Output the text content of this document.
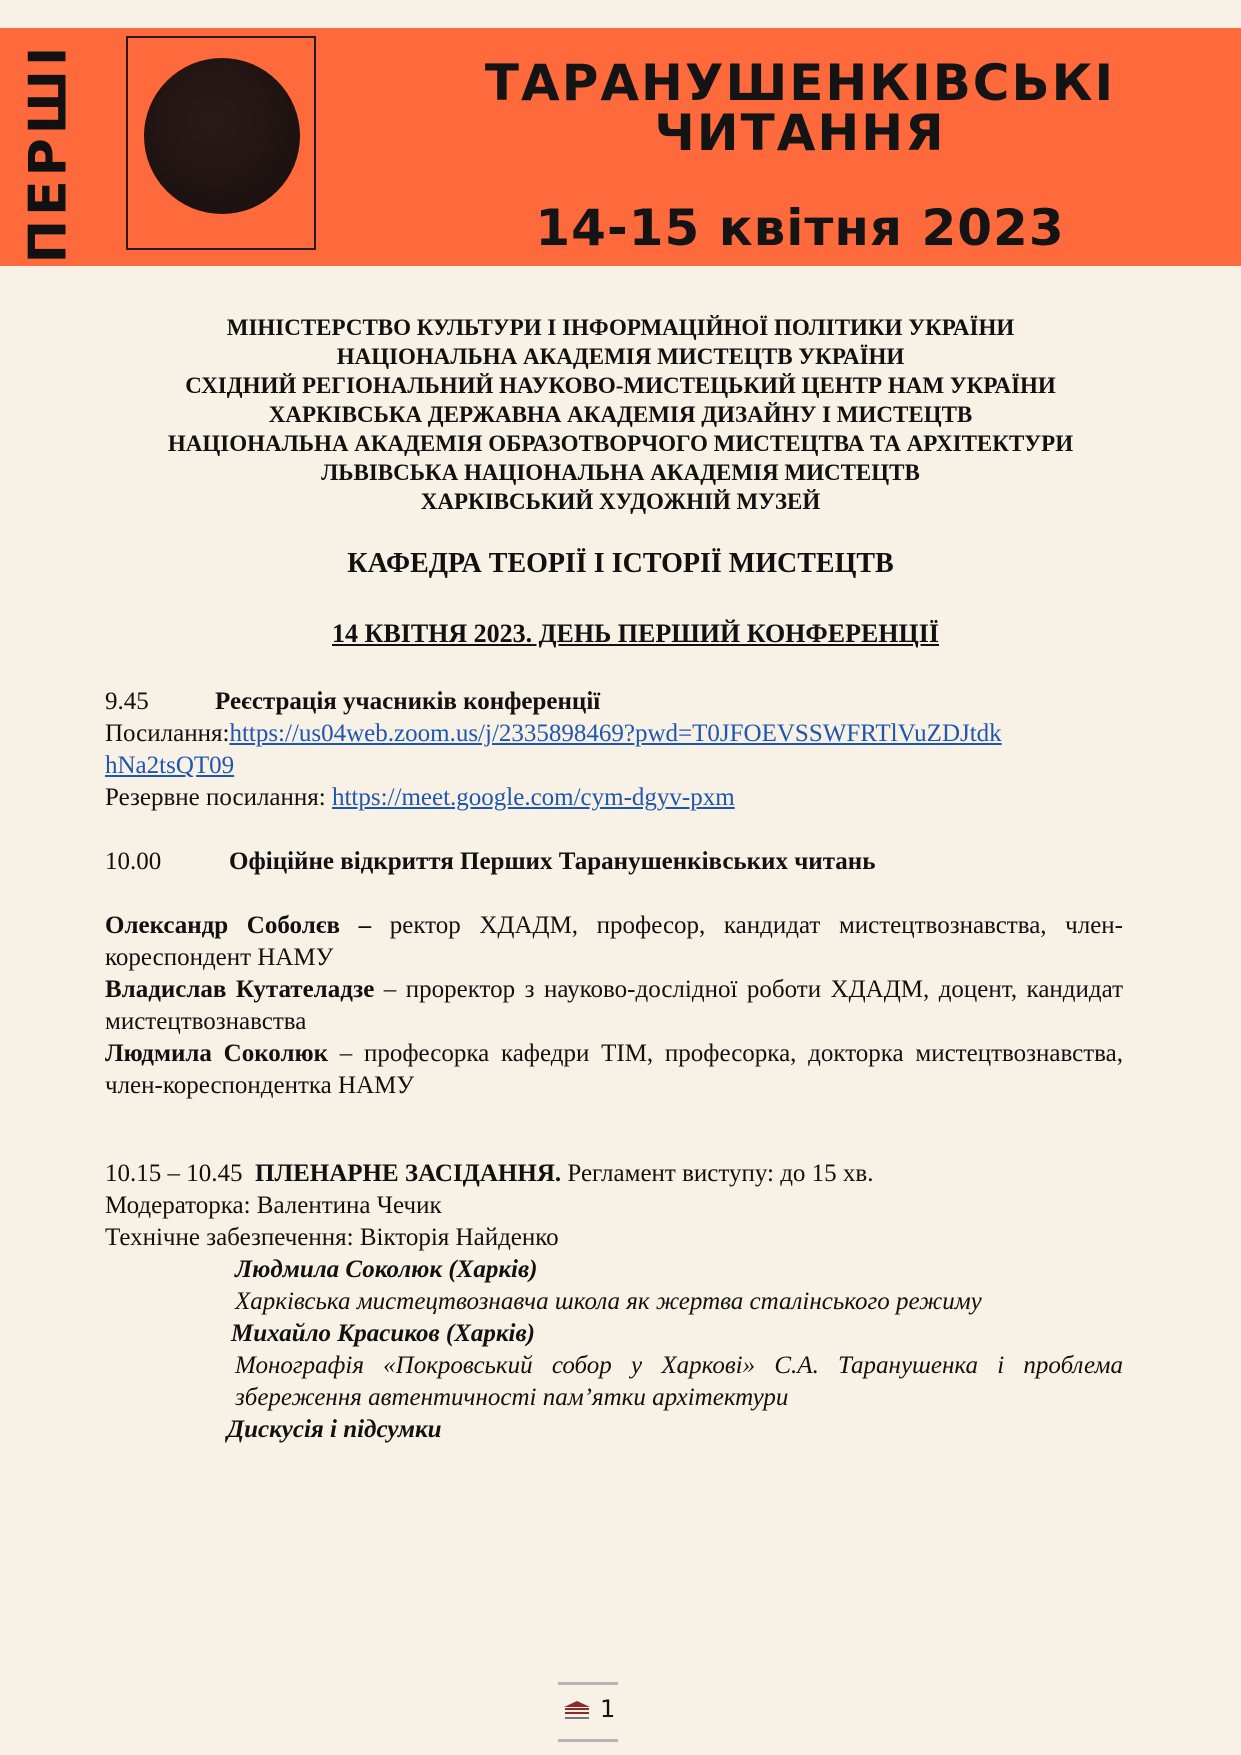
ПЕРШІ	ТАРАНУШЕНКІВСЬКІ
ЧИТАННЯ
14-15 квітня 2023
МІНІСТЕРСТВО КУЛЬТУРИ І ІНФОРМАЦІЙНОЇ ПОЛІТИКИ УКРАЇНИ
НАЦІОНАЛЬНА АКАДЕМІЯ МИСТЕЦТВ УКРАЇНИ
СХІДНИЙ РЕГІОНАЛЬНИЙ НАУКОВО-МИСТЕЦЬКИЙ ЦЕНТР НАМ УКРАЇНИ
ХАРКІВСЬКА ДЕРЖАВНА АКАДЕМІЯ ДИЗАЙНУ І МИСТЕЦТВ
НАЦІОНАЛЬНА АКАДЕМІЯ ОБРАЗОТВОРЧОГО МИСТЕЦТВА ТА АРХІТЕКТУРИ
ЛЬВІВСЬКА НАЦІОНАЛЬНА АКАДЕМІЯ МИСТЕЦТВ
ХАРКІВСЬКИЙ ХУДОЖНІЙ МУЗЕЙ
КАФЕДРА ТЕОРІЇ І ІСТОРІЇ МИСТЕЦТВ
14 КВІТНЯ 2023. ДЕНЬ ПЕРШИЙ КОНФЕРЕНЦІЇ
9.45	Реєстрація учасників конференції
Посилання:https://us04web.zoom.us/j/2335898469?pwd=T0JFOEVSSWFRTlVuZDJtdk
hNa2tsQT09
Резервне посилання: https://meet.google.com/cym-dgyv-pxm
10.00	Офіційне відкриття Перших Таранушенківських читань
Олександр Соболєв – ректор ХДАДМ, професор, кандидат мистецтвознавства, член-кореспондент НАМУ
Владислав Кутателадзе – проректор з науково-дослідної роботи ХДАДМ, доцент, кандидат мистецтвознавства
Людмила Соколюк – професорка кафедри ТІМ, професорка, докторка мистецтвознавства, член-кореспондентка НАМУ
10.15 – 10.45 ПЛЕНАРНЕ ЗАСІДАННЯ. Регламент виступу: до 15 хв.
Модераторка: Валентина Чечик
Технічне забезпечення: Вікторія Найденко
Людмила Соколюк (Харків)
Харківська мистецтвознавча школа як жертва сталінського режиму
Михайло Красиков (Харків)
Монографія «Покровський собор у Харкові» С.А. Таранушенка і проблема збереження автентичності пам’ятки архітектури
Дискусія і підсумки
1
